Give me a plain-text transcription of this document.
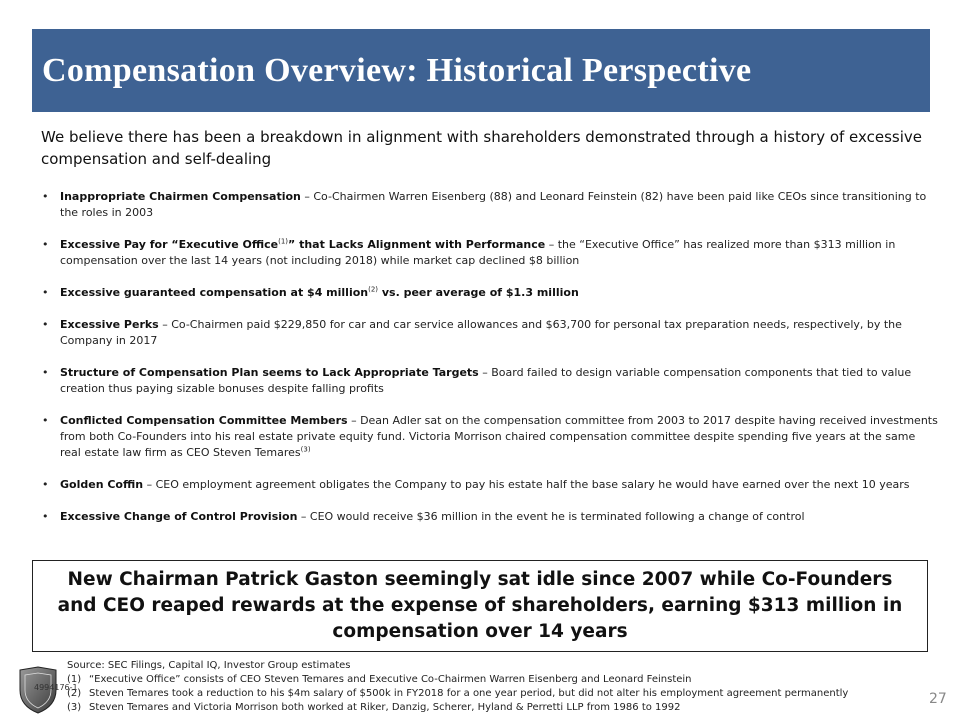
Compensation Overview: Historical Perspective
We believe there has been a breakdown in alignment with shareholders demonstrated through a history of excessive compensation and self-dealing
• Inappropriate Chairmen Compensation – Co-Chairmen Warren Eisenberg (88) and Leonard Feinstein (82) have been paid like CEOs since transitioning to the roles in 2003
• Excessive Pay for “Executive Office$^{(1)}$” that Lacks Alignment with Performance – the “Executive Office” has realized more than $313 million in compensation over the last 14 years (not including 2018) while market cap declined $8 billion
• Excessive guaranteed compensation at $4 million$^{(2)}$ vs. peer average of $1.3 million
• Excessive Perks – Co-Chairmen paid $229,850 for car and car service allowances and $63,700 for personal tax preparation needs, respectively, by the Company in 2017
• Structure of Compensation Plan seems to Lack Appropriate Targets – Board failed to design variable compensation components that tied to value creation thus paying sizable bonuses despite falling profits
• Conflicted Compensation Committee Members – Dean Adler sat on the compensation committee from 2003 to 2017 despite having received investments from both Co-Founders into his real estate private equity fund. Victoria Morrison chaired compensation committee despite spending five years at the same real estate law firm as CEO Steven Temares$^{(3)}$
• Golden Coffin – CEO employment agreement obligates the Company to pay his estate half the base salary he would have earned over the next 10 years
• Excessive Change of Control Provision – CEO would receive $36 million in the event he is terminated following a change of control
New Chairman Patrick Gaston seemingly sat idle since 2007 while Co-Founders and CEO reaped rewards at the expense of shareholders, earning $313 million in compensation over 14 years
4994176-1
Source: SEC Filings, Capital IQ, Investor Group estimates
(1) “Executive Office” consists of CEO Steven Temares and Executive Co-Chairmen Warren Eisenberg and Leonard Feinstein
(2) Steven Temares took a reduction to his $4m salary of $500k in FY2018 for a one year period, but did not alter his employment agreement permanently
(3) Steven Temares and Victoria Morrison both worked at Riker, Danzig, Scherer, Hyland & Perretti LLP from 1986 to 1992
27
